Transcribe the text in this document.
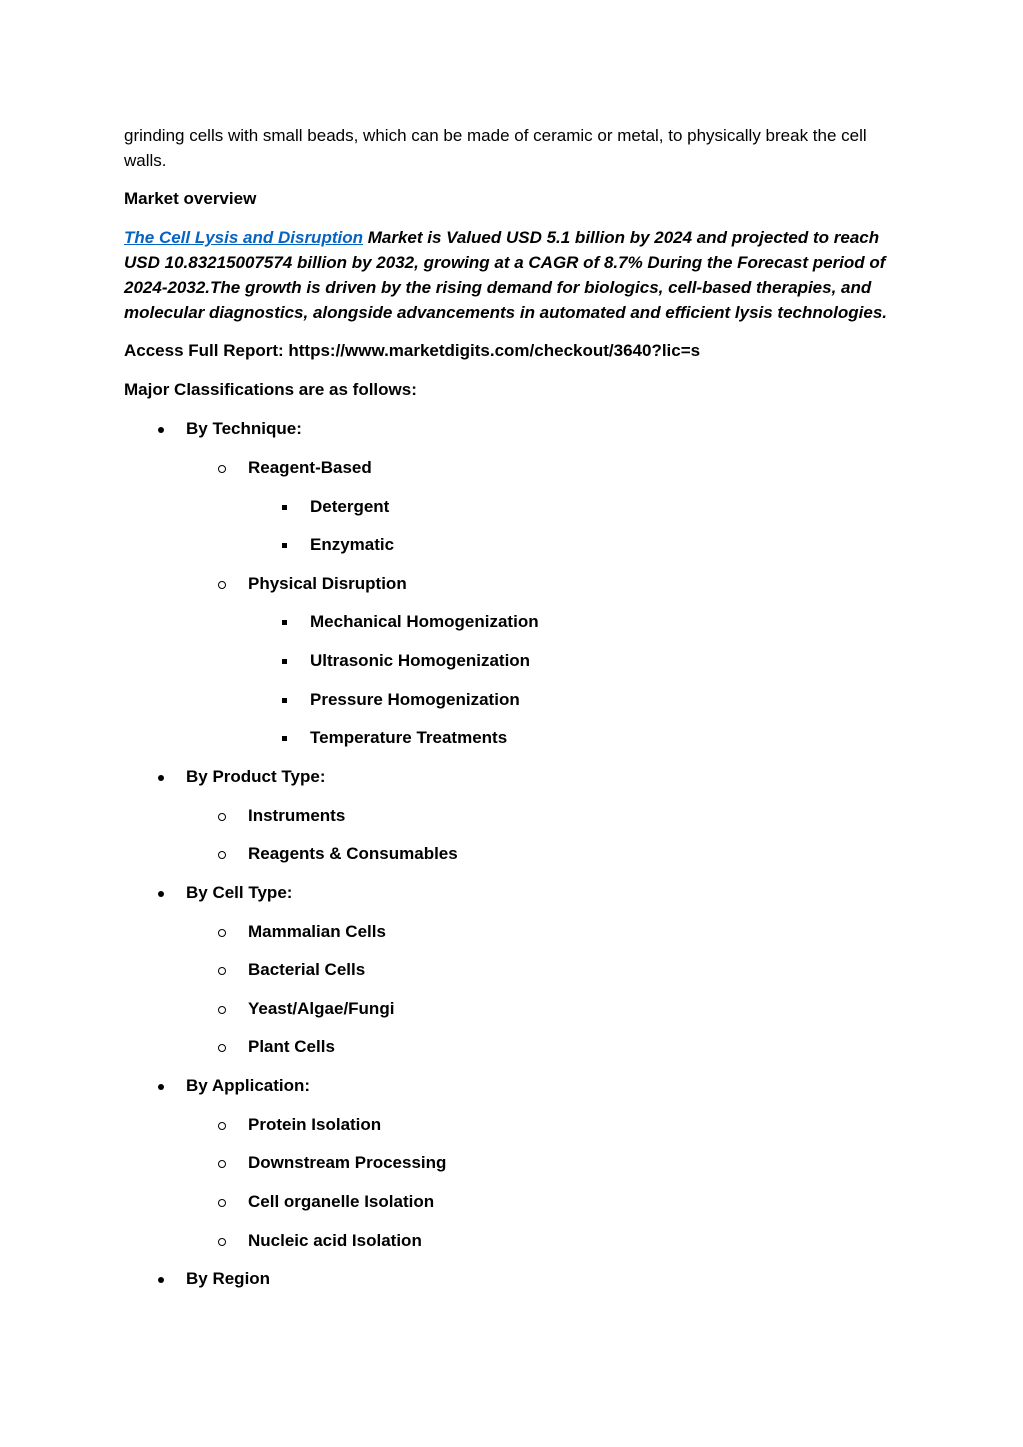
grinding cells with small beads, which can be made of ceramic or metal, to physically break the cell walls.

Market overview

The Cell Lysis and Disruption Market is Valued USD 5.1 billion by 2024 and projected to reach USD 10.83215007574 billion by 2032, growing at a CAGR of 8.7% During the Forecast period of 2024-2032.The growth is driven by the rising demand for biologics, cell-based therapies, and molecular diagnostics, alongside advancements in automated and efficient lysis technologies.

Access Full Report: https://www.marketdigits.com/checkout/3640?lic=s

Major Classifications are as follows:

By Technique:
Reagent-Based
Detergent
Enzymatic
Physical Disruption
Mechanical Homogenization
Ultrasonic Homogenization
Pressure Homogenization
Temperature Treatments
By Product Type:
Instruments
Reagents & Consumables
By Cell Type:
Mammalian Cells
Bacterial Cells
Yeast/Algae/Fungi
Plant Cells
By Application:
Protein Isolation
Downstream Processing
Cell organelle Isolation
Nucleic acid Isolation
By Region
